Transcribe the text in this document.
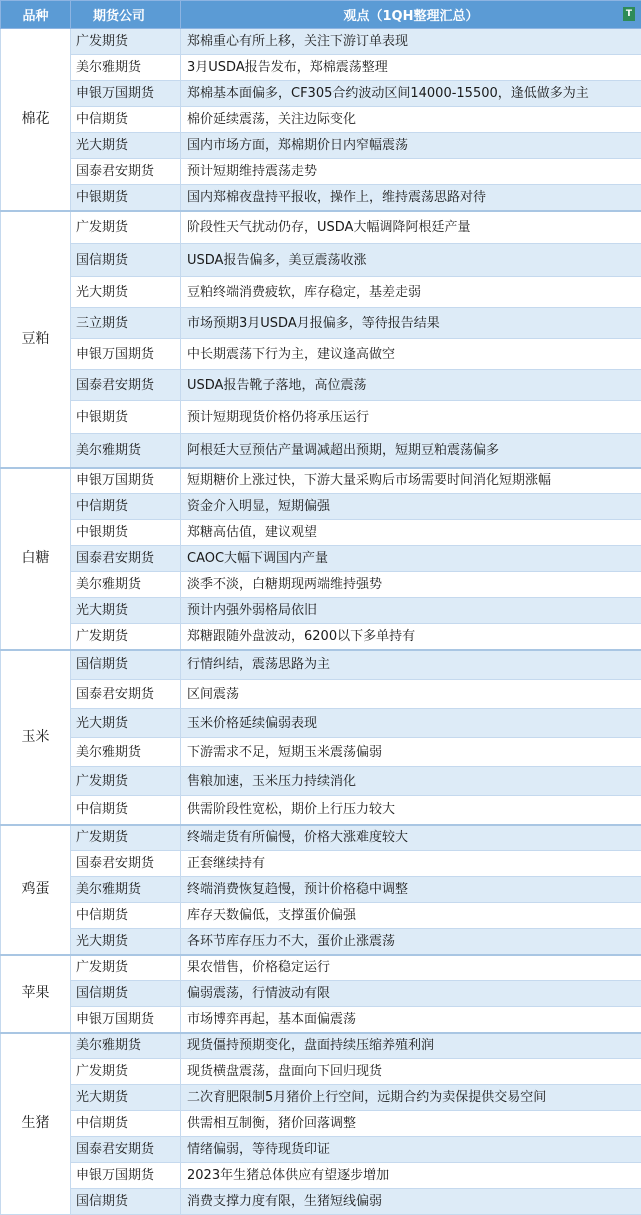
品种	期货公司	观点（1QH整理汇总） T

棉花	广发期货	郑棉重心有所上移，关注下游订单表现
	美尔雅期货	3月USDA报告发布，郑棉震荡整理
	申银万国期货	郑棉基本面偏多，CF305合约波动区间14000-15500，逢低做多为主
	中信期货	棉价延续震荡，关注边际变化
	光大期货	国内市场方面，郑棉期价日内窄幅震荡
	国泰君安期货	预计短期维持震荡走势
	中银期货	国内郑棉夜盘持平报收，操作上，维持震荡思路对待
豆粕	广发期货	阶段性天气扰动仍存，USDA大幅调降阿根廷产量
	国信期货	USDA报告偏多，美豆震荡收涨
	光大期货	豆粕终端消费疲软，库存稳定，基差走弱
	三立期货	市场预期3月USDA月报偏多，等待报告结果
	申银万国期货	中长期震荡下行为主，建议逢高做空
	国泰君安期货	USDA报告靴子落地，高位震荡
	中银期货	预计短期现货价格仍将承压运行
	美尔雅期货	阿根廷大豆预估产量调减超出预期，短期豆粕震荡偏多
白糖	申银万国期货	短期糖价上涨过快，下游大量采购后市场需要时间消化短期涨幅
	中信期货	资金介入明显，短期偏强
	中银期货	郑糖高估值，建议观望
	国泰君安期货	CAOC大幅下调国内产量
	美尔雅期货	淡季不淡，白糖期现两端维持强势
	光大期货	预计内强外弱格局依旧
	广发期货	郑糖跟随外盘波动，6200以下多单持有
玉米	国信期货	行情纠结，震荡思路为主
	国泰君安期货	区间震荡
	光大期货	玉米价格延续偏弱表现
	美尔雅期货	下游需求不足，短期玉米震荡偏弱
	广发期货	售粮加速，玉米压力持续消化
	中信期货	供需阶段性宽松，期价上行压力较大
鸡蛋	广发期货	终端走货有所偏慢，价格大涨难度较大
	国泰君安期货	正套继续持有
	美尔雅期货	终端消费恢复趋慢，预计价格稳中调整
	中信期货	库存天数偏低，支撑蛋价偏强
	光大期货	各环节库存压力不大，蛋价止涨震荡
苹果	广发期货	果农惜售，价格稳定运行
	国信期货	偏弱震荡，行情波动有限
	申银万国期货	市场博弈再起，基本面偏震荡
生猪	美尔雅期货	现货僵持预期变化，盘面持续压缩养殖利润
	广发期货	现货横盘震荡，盘面向下回归现货
	光大期货	二次育肥限制5月猪价上行空间，远期合约为卖保提供交易空间
	中信期货	供需相互制衡，猪价回落调整
	国泰君安期货	情绪偏弱，等待现货印证
	申银万国期货	2023年生猪总体供应有望逐步增加
	国信期货	消费支撑力度有限，生猪短线偏弱
